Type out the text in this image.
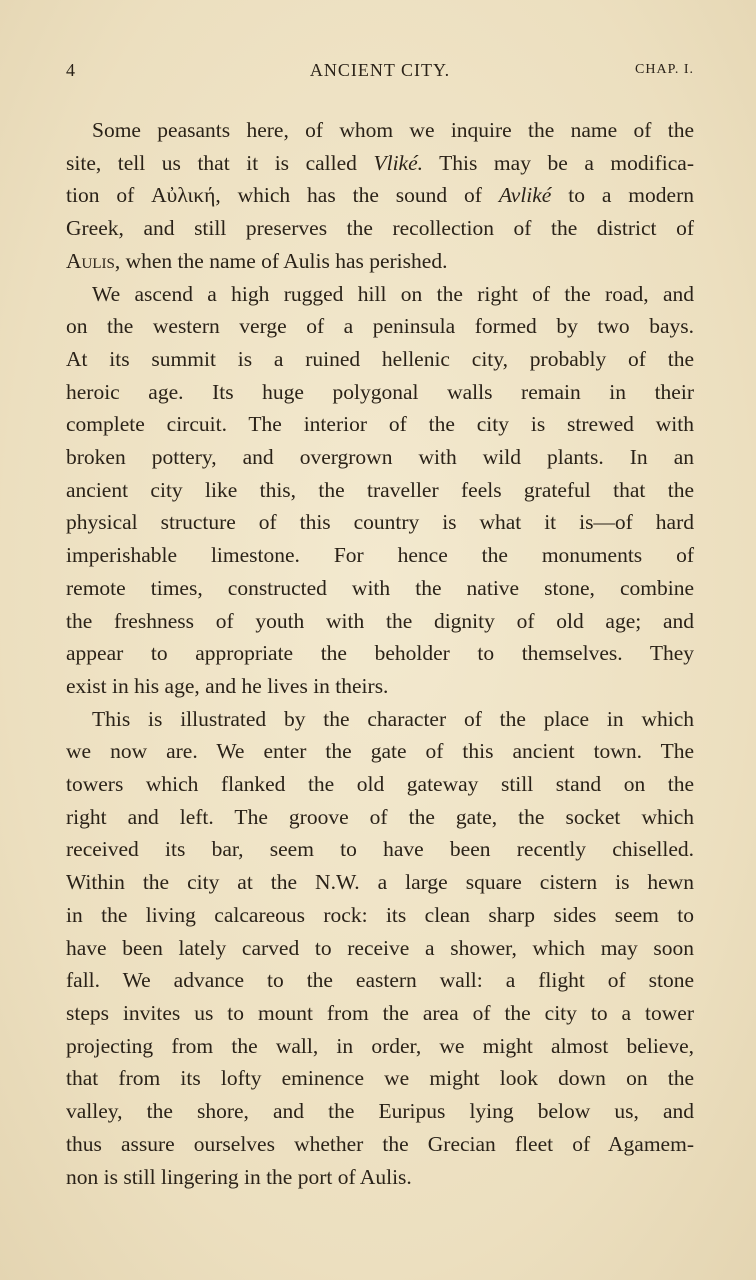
4	ANCIENT CITY.	CHAP. I.
Some peasants here, of whom we inquire the name of the
site, tell us that it is called Vliké. This may be a modifica-
tion of Αὐλική, which has the sound of Avliké to a modern
Greek, and still preserves the recollection of the district of
Aulis, when the name of Aulis has perished.
We ascend a high rugged hill on the right of the road, and
on the western verge of a peninsula formed by two bays.
At its summit is a ruined hellenic city, probably of the
heroic age. Its huge polygonal walls remain in their
complete circuit. The interior of the city is strewed with
broken pottery, and overgrown with wild plants. In an
ancient city like this, the traveller feels grateful that the
physical structure of this country is what it is—of hard
imperishable limestone. For hence the monuments of
remote times, constructed with the native stone, combine
the freshness of youth with the dignity of old age; and
appear to appropriate the beholder to themselves. They
exist in his age, and he lives in theirs.
This is illustrated by the character of the place in which
we now are. We enter the gate of this ancient town. The
towers which flanked the old gateway still stand on the
right and left. The groove of the gate, the socket which
received its bar, seem to have been recently chiselled.
Within the city at the N.W. a large square cistern is hewn
in the living calcareous rock: its clean sharp sides seem to
have been lately carved to receive a shower, which may soon
fall. We advance to the eastern wall: a flight of stone
steps invites us to mount from the area of the city to a tower
projecting from the wall, in order, we might almost believe,
that from its lofty eminence we might look down on the
valley, the shore, and the Euripus lying below us, and
thus assure ourselves whether the Grecian fleet of Agamem-
non is still lingering in the port of Aulis.
